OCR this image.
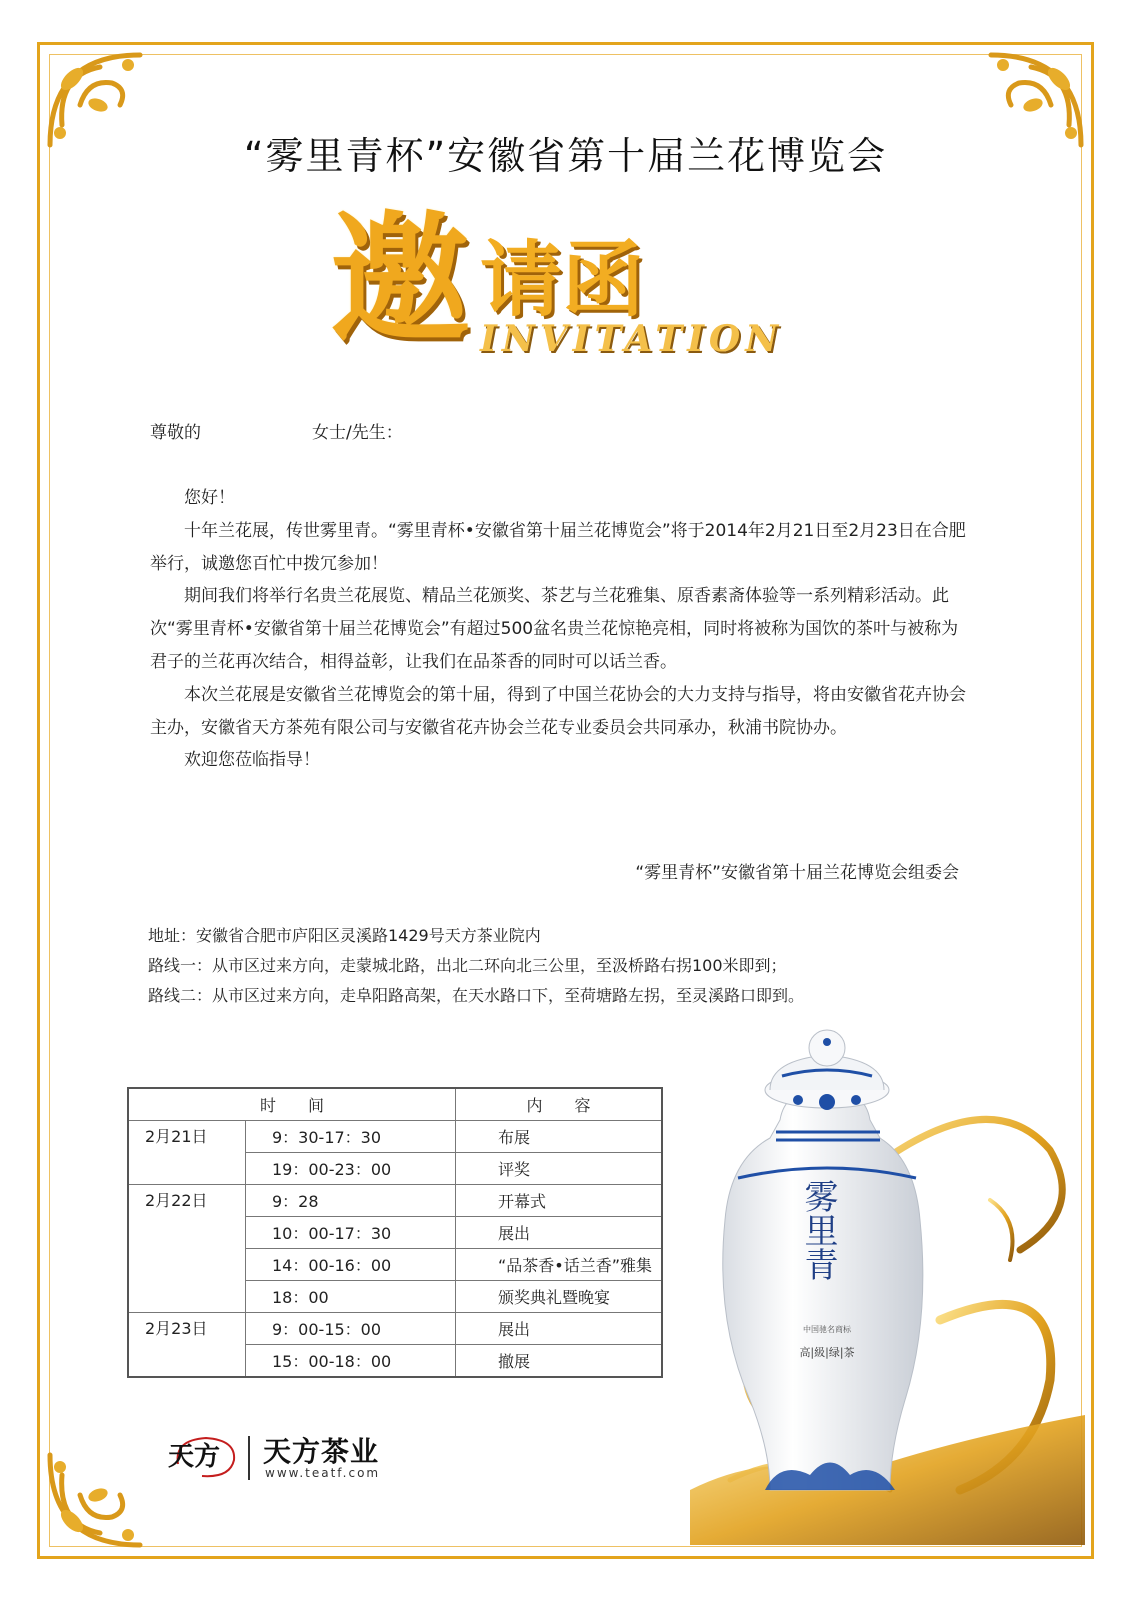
“雾里青杯”安徽省第十届兰花博览会
邀 请函
INVITATION
尊敬的	女士/先生：

您好！

十年兰花展，传世雾里青。“雾里青杯•安徽省第十届兰花博览会”将于2014年2月21日至2月23日在合肥举行，诚邀您百忙中拨冗参加！

期间我们将举行名贵兰花展览、精品兰花颁奖、茶艺与兰花雅集、原香素斋体验等一系列精彩活动。此次“雾里青杯•安徽省第十届兰花博览会”有超过500盆名贵兰花惊艳亮相，同时将被称为国饮的茶叶与被称为君子的兰花再次结合，相得益彰，让我们在品茶香的同时可以话兰香。

本次兰花展是安徽省兰花博览会的第十届，得到了中国兰花协会的大力支持与指导，将由安徽省花卉协会主办，安徽省天方茶苑有限公司与安徽省花卉协会兰花专业委员会共同承办，秋浦书院协办。

欢迎您莅临指导！

“雾里青杯”安徽省第十届兰花博览会组委会
地址：安徽省合肥市庐阳区灵溪路1429号天方茶业院内
路线一：从市区过来方向，走蒙城北路，出北二环向北三公里，至汲桥路右拐100米即到；
路线二：从市区过来方向，走阜阳路高架，在天水路口下，至荷塘路左拐，至灵溪路口即到。
时　　间		内　　容
2月21日	9：30-17：30	布展
	19：00-23：00	评奖
2月22日	9：28	开幕式
	10：00-17：30	展出
	14：00-16：00	“品茶香•话兰香”雅集
	18：00	颁奖典礼暨晚宴
2月23日	9：00-15：00	展出
	15：00-18：00	撤展
雾里青
中国驰名商标
高|級|绿|茶
天方	天方茶业
www.teatf.com
